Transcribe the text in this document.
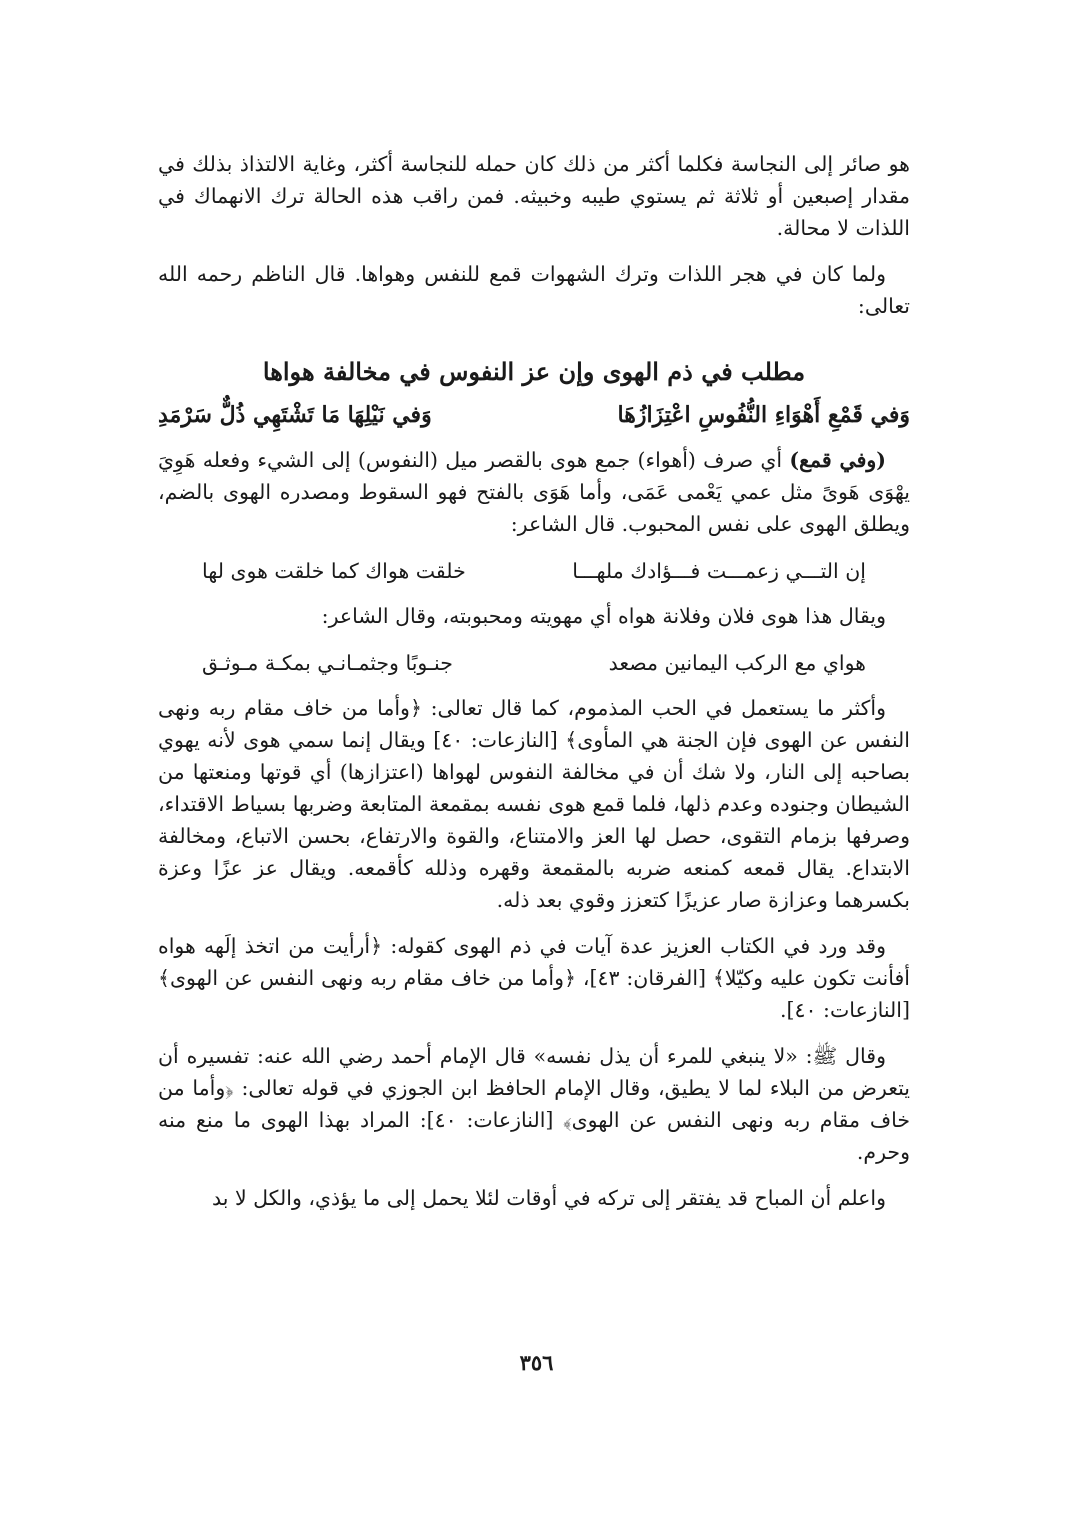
هو صائر إلى النجاسة فكلما أكثر من ذلك كان حمله للنجاسة أكثر، وغاية الالتذاذ بذلك في مقدار إصبعين أو ثلاثة ثم يستوي طيبه وخبيثه. فمن راقب هذه الحالة ترك الانهماك في اللذات لا محالة.

ولما كان في هجر اللذات وترك الشهوات قمع للنفس وهواها. قال الناظم رحمه الله تعالى:

مطلب في ذم الهوى وإن عز النفوس في مخالفة هواها
وَفي قَمْعِ أَهْوَاءِ النُّفُوسِ اعْتِزَازُهَا
وَفي نَيْلِهَا مَا تَشْتَهِي ذُلٌّ سَرْمَدِ

(وفي قمع) أي صرف (أهواء) جمع هوى بالقصر ميل (النفوس) إلى الشيء وفعله هَوِيَ يهْوَى هَوىً مثل عمي يَعْمى عَمَى، وأما هَوَى بالفتح فهو السقوط ومصدره الهوى بالضم، ويطلق الهوى على نفس المحبوب. قال الشاعر:

إن التـــي زعمـــت فـــؤادك ملهـــا
خلقت هواك كما خلقت هوى لها

ويقال هذا هوى فلان وفلانة هواه أي مهويته ومحبوبته، وقال الشاعر:

هواي مع الركب اليمانين مصعد
جنـوبًا وجثمـانـي بمكـة مـوثـق

وأكثر ما يستعمل في الحب المذموم، كما قال تعالى: ﴿وأما من خاف مقام ربه ونهى النفس عن الهوى فإن الجنة هي المأوى﴾ [النازعات: ٤٠] ويقال إنما سمي هوى لأنه يهوي بصاحبه إلى النار، ولا شك أن في مخالفة النفوس لهواها (اعتزازها) أي قوتها ومنعتها من الشيطان وجنوده وعدم ذلها، فلما قمع هوى نفسه بمقمعة المتابعة وضربها بسياط الاقتداء، وصرفها بزمام التقوى، حصل لها العز والامتناع، والقوة والارتفاع، بحسن الاتباع، ومخالفة الابتداع. يقال قمعه كمنعه ضربه بالمقمعة وقهره وذلله كأقمعه. ويقال عز عزًا وعزة بكسرهما وعزازة صار عزيزًا كتعزز وقوي بعد ذله.

وقد ورد في الكتاب العزيز عدة آيات في ذم الهوى كقوله: ﴿أرأيت من اتخذ إلَهه هواه أفأنت تكون عليه وكيّلا﴾ [الفرقان: ٤٣]، ﴿وأما من خاف مقام ربه ونهى النفس عن الهوى﴾ [النازعات: ٤٠].

وقال ﷺ: «لا ينبغي للمرء أن يذل نفسه» قال الإمام أحمد رضي الله عنه: تفسيره أن يتعرض من البلاء لما لا يطيق، وقال الإمام الحافظ ابن الجوزي في قوله تعالى: ﴿وأما من خاف مقام ربه ونهى النفس عن الهوى﴾ [النازعات: ٤٠]: المراد بهذا الهوى ما منع منه وحرم.

واعلم أن المباح قد يفتقر إلى تركه في أوقات لئلا يحمل إلى ما يؤذي، والكل لا بد

٣٥٦
